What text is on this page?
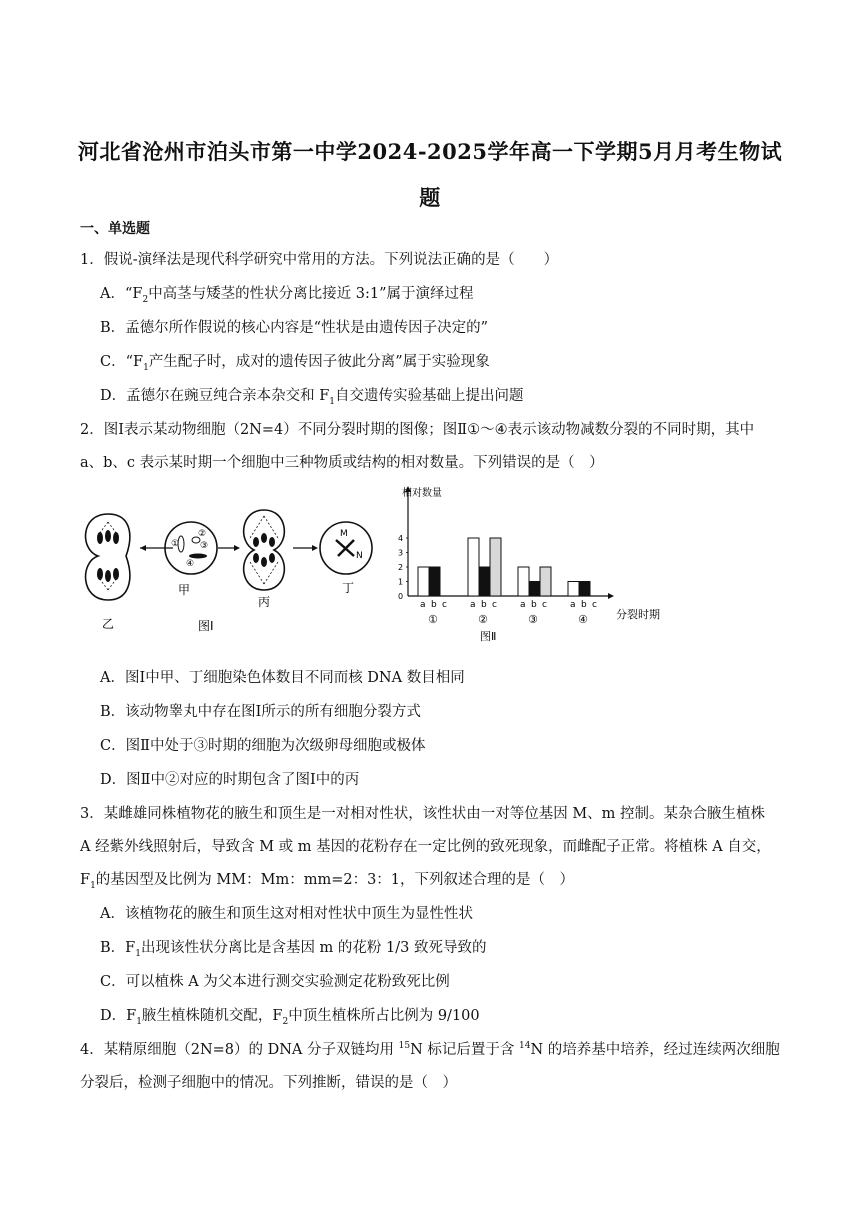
河北省沧州市泊头市第一中学2024-2025学年高一下学期5月月考生物试
题
一、单选题
1．假说-演绎法是现代科学研究中常用的方法。下列说法正确的是（　　）
A．“$F_2$中高茎与矮茎的性状分离比接近 3:1”属于演绎过程
B．孟德尔所作假说的核心内容是“性状是由遗传因子决定的”
C．“$F_1$产生配子时，成对的遗传因子彼此分离”属于实验现象
D．孟德尔在豌豆纯合亲本杂交和 $F_1$自交遗传实验基础上提出问题
2．图Ⅰ表示某动物细胞（2N=4）不同分裂时期的图像；图Ⅱ①～④表示该动物减数分裂的不同时期，其中
a、b、c 表示某时期一个细胞中三种物质或结构的相对数量。下列错误的是（　）
乙
①
②
③
④
甲
丙
M
N
丁
图Ⅰ
相对数量
分裂时期
0
1
2
3
4
a b c
①
a b c
②
a b c
③
a b c
④
图Ⅱ
A．图Ⅰ中甲、丁细胞染色体数目不同而核 DNA 数目相同
B．该动物睾丸中存在图Ⅰ所示的所有细胞分裂方式
C．图Ⅱ中处于③时期的细胞为次级卵母细胞或极体
D．图Ⅱ中②对应的时期包含了图Ⅰ中的丙
3．某雌雄同株植物花的腋生和顶生是一对相对性状，该性状由一对等位基因 M、m 控制。某杂合腋生植株
A 经紫外线照射后，导致含 M 或 m 基因的花粉存在一定比例的致死现象，而雌配子正常。将植株 A 自交，
$F_1$的基因型及比例为 MM：Mm：mm=2：3：1，下列叙述合理的是（　）
A．该植物花的腋生和顶生这对相对性状中顶生为显性性状
B．$F_1$出现该性状分离比是含基因 m 的花粉 1/3 致死导致的
C．可以植株 A 为父本进行测交实验测定花粉致死比例
D．$F_1$腋生植株随机交配，$F_2$中顶生植株所占比例为 9/100
4．某精原细胞（2N=8）的 DNA 分子双链均用 $^{15}$N 标记后置于含 $^{14}$N 的培养基中培养，经过连续两次细胞
分裂后，检测子细胞中的情况。下列推断，错误的是（　）
